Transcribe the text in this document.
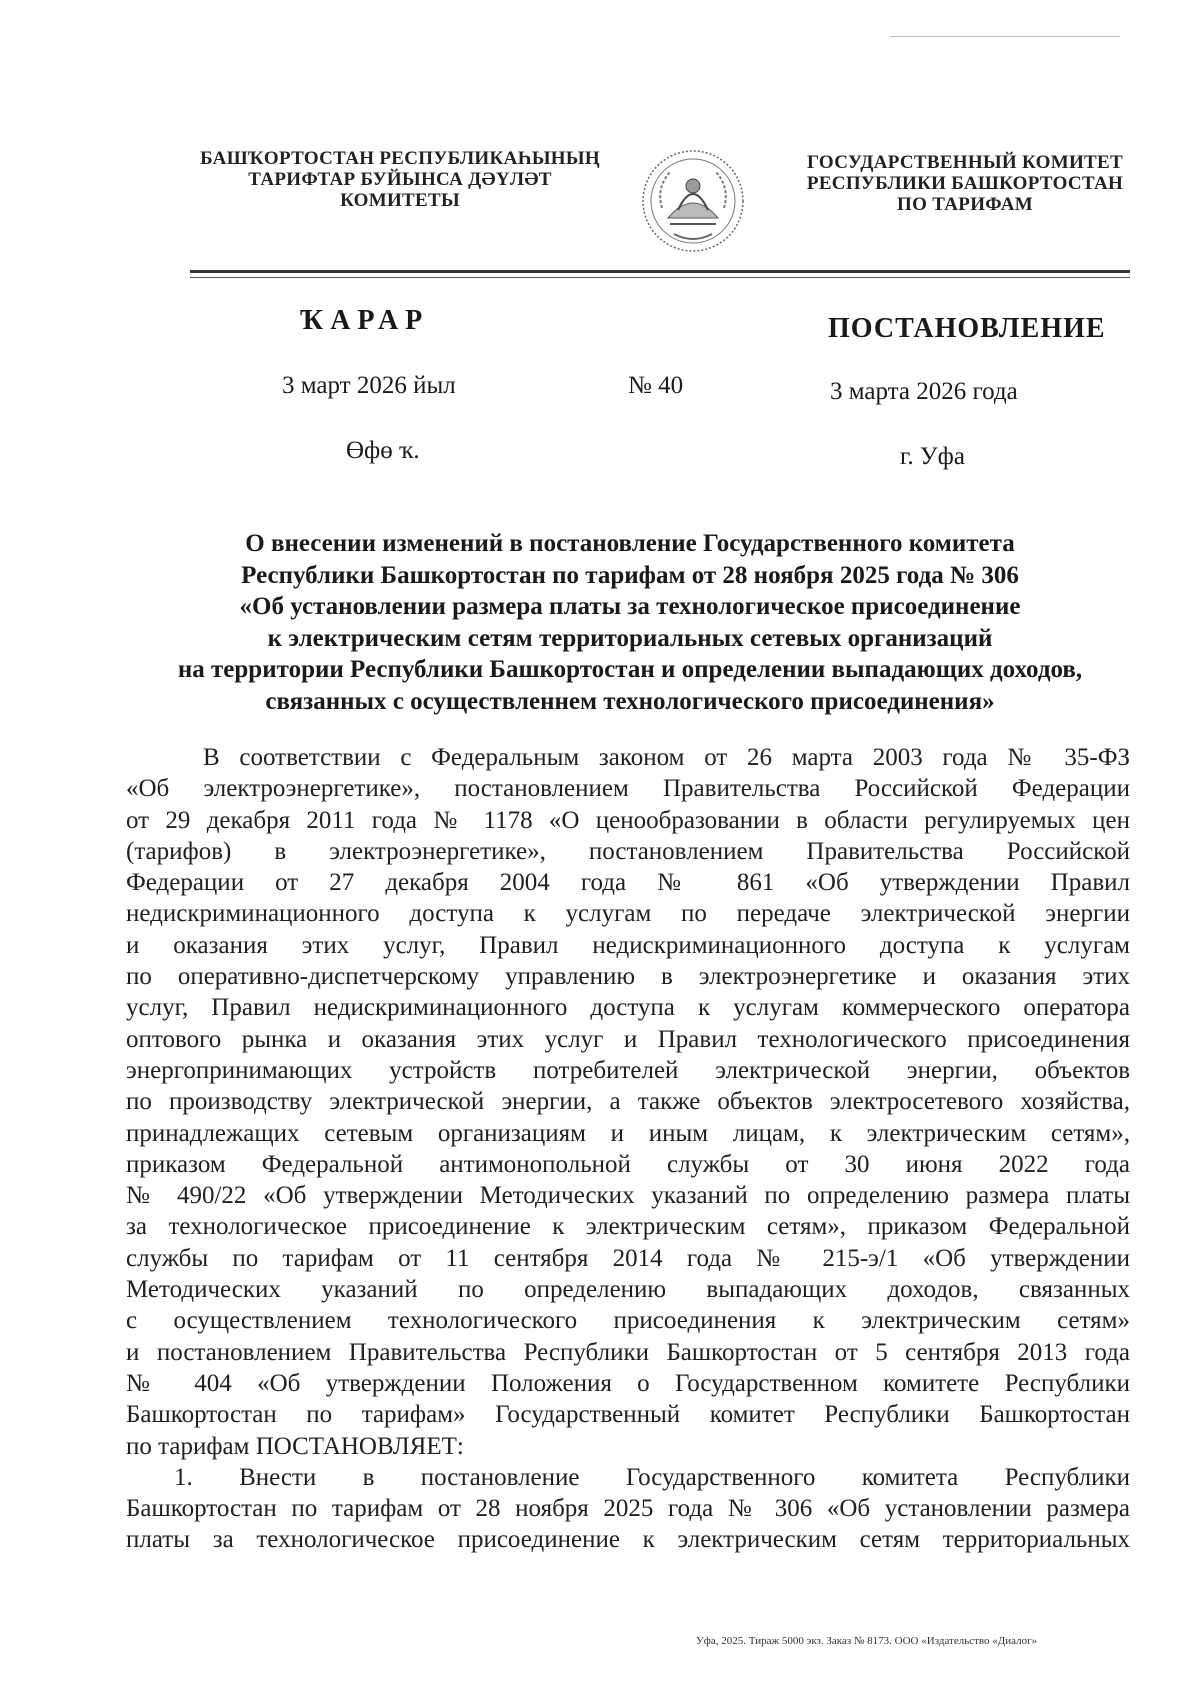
БАШҠОРТОСТАН РЕСПУБЛИКАҺЫНЫҢ
ТАРИФТАР БУЙЫНСА ДӘҮЛӘТ
КОМИТЕТЫ
ГОСУДАРСТВЕННЫЙ КОМИТЕТ
РЕСПУБЛИКИ БАШКОРТОСТАН
ПО ТАРИФАМ
ҠАРАР	ПОСТАНОВЛЕНИЕ
3 март 2026 йыл	№ 40	3 марта 2026 года
Өфө ҡ.	г. Уфа
О внесении изменений в постановление Государственного комитета
Республики Башкортостан по тарифам от 28 ноября 2025 года № 306
«Об установлении размера платы за технологическое присоединение
к электрическим сетям территориальных сетевых организаций
на территории Республики Башкортостан и определении выпадающих доходов,
связанных с осуществленнем технологического присоединения»
В соответствии с Федеральным законом от 26 марта 2003 года № 35-ФЗ
«Об электроэнергетике», постановлением Правительства Российской Федерации
от 29 декабря 2011 года № 1178 «О ценообразовании в области регулируемых цен
(тарифов) в электроэнергетике», постановлением Правительства Российской
Федерации от 27 декабря 2004 года № 861 «Об утверждении Правил
недискриминационного доступа к услугам по передаче электрической энергии
и оказания этих услуг, Правил недискриминационного доступа к услугам
по оперативно-диспетчерскому управлению в электроэнергетике и оказания этих
услуг, Правил недискриминационного доступа к услугам коммерческого оператора
оптового рынка и оказания этих услуг и Правил технологического присоединения
энергопринимающих устройств потребителей электрической энергии, объектов
по производству электрической энергии, а также объектов электросетевого хозяйства,
принадлежащих сетевым организациям и иным лицам, к электрическим сетям»,
приказом Федеральной антимонопольной службы от 30 июня 2022 года
№ 490/22 «Об утверждении Методических указаний по определению размера платы
за технологическое присоединение к электрическим сетям», приказом Федеральной
службы по тарифам от 11 сентября 2014 года № 215-э/1 «Об утверждении
Методических указаний по определению выпадающих доходов, связанных
с осуществлением технологического присоединения к электрическим сетям»
и постановлением Правительства Республики Башкортостан от 5 сентября 2013 года
№ 404 «Об утверждении Положения о Государственном комитете Республики
Башкортостан по тарифам» Государственный комитет Республики Башкортостан
по тарифам ПОСТАНОВЛЯЕТ:
1. Внести в постановление Государственного комитета Республики
Башкортостан по тарифам от 28 ноября 2025 года № 306 «Об установлении размера
платы за технологическое присоединение к электрическим сетям территориальных
Уфа, 2025. Тираж 5000 экз. Заказ № 8173. ООО «Издательство «Диалог»
